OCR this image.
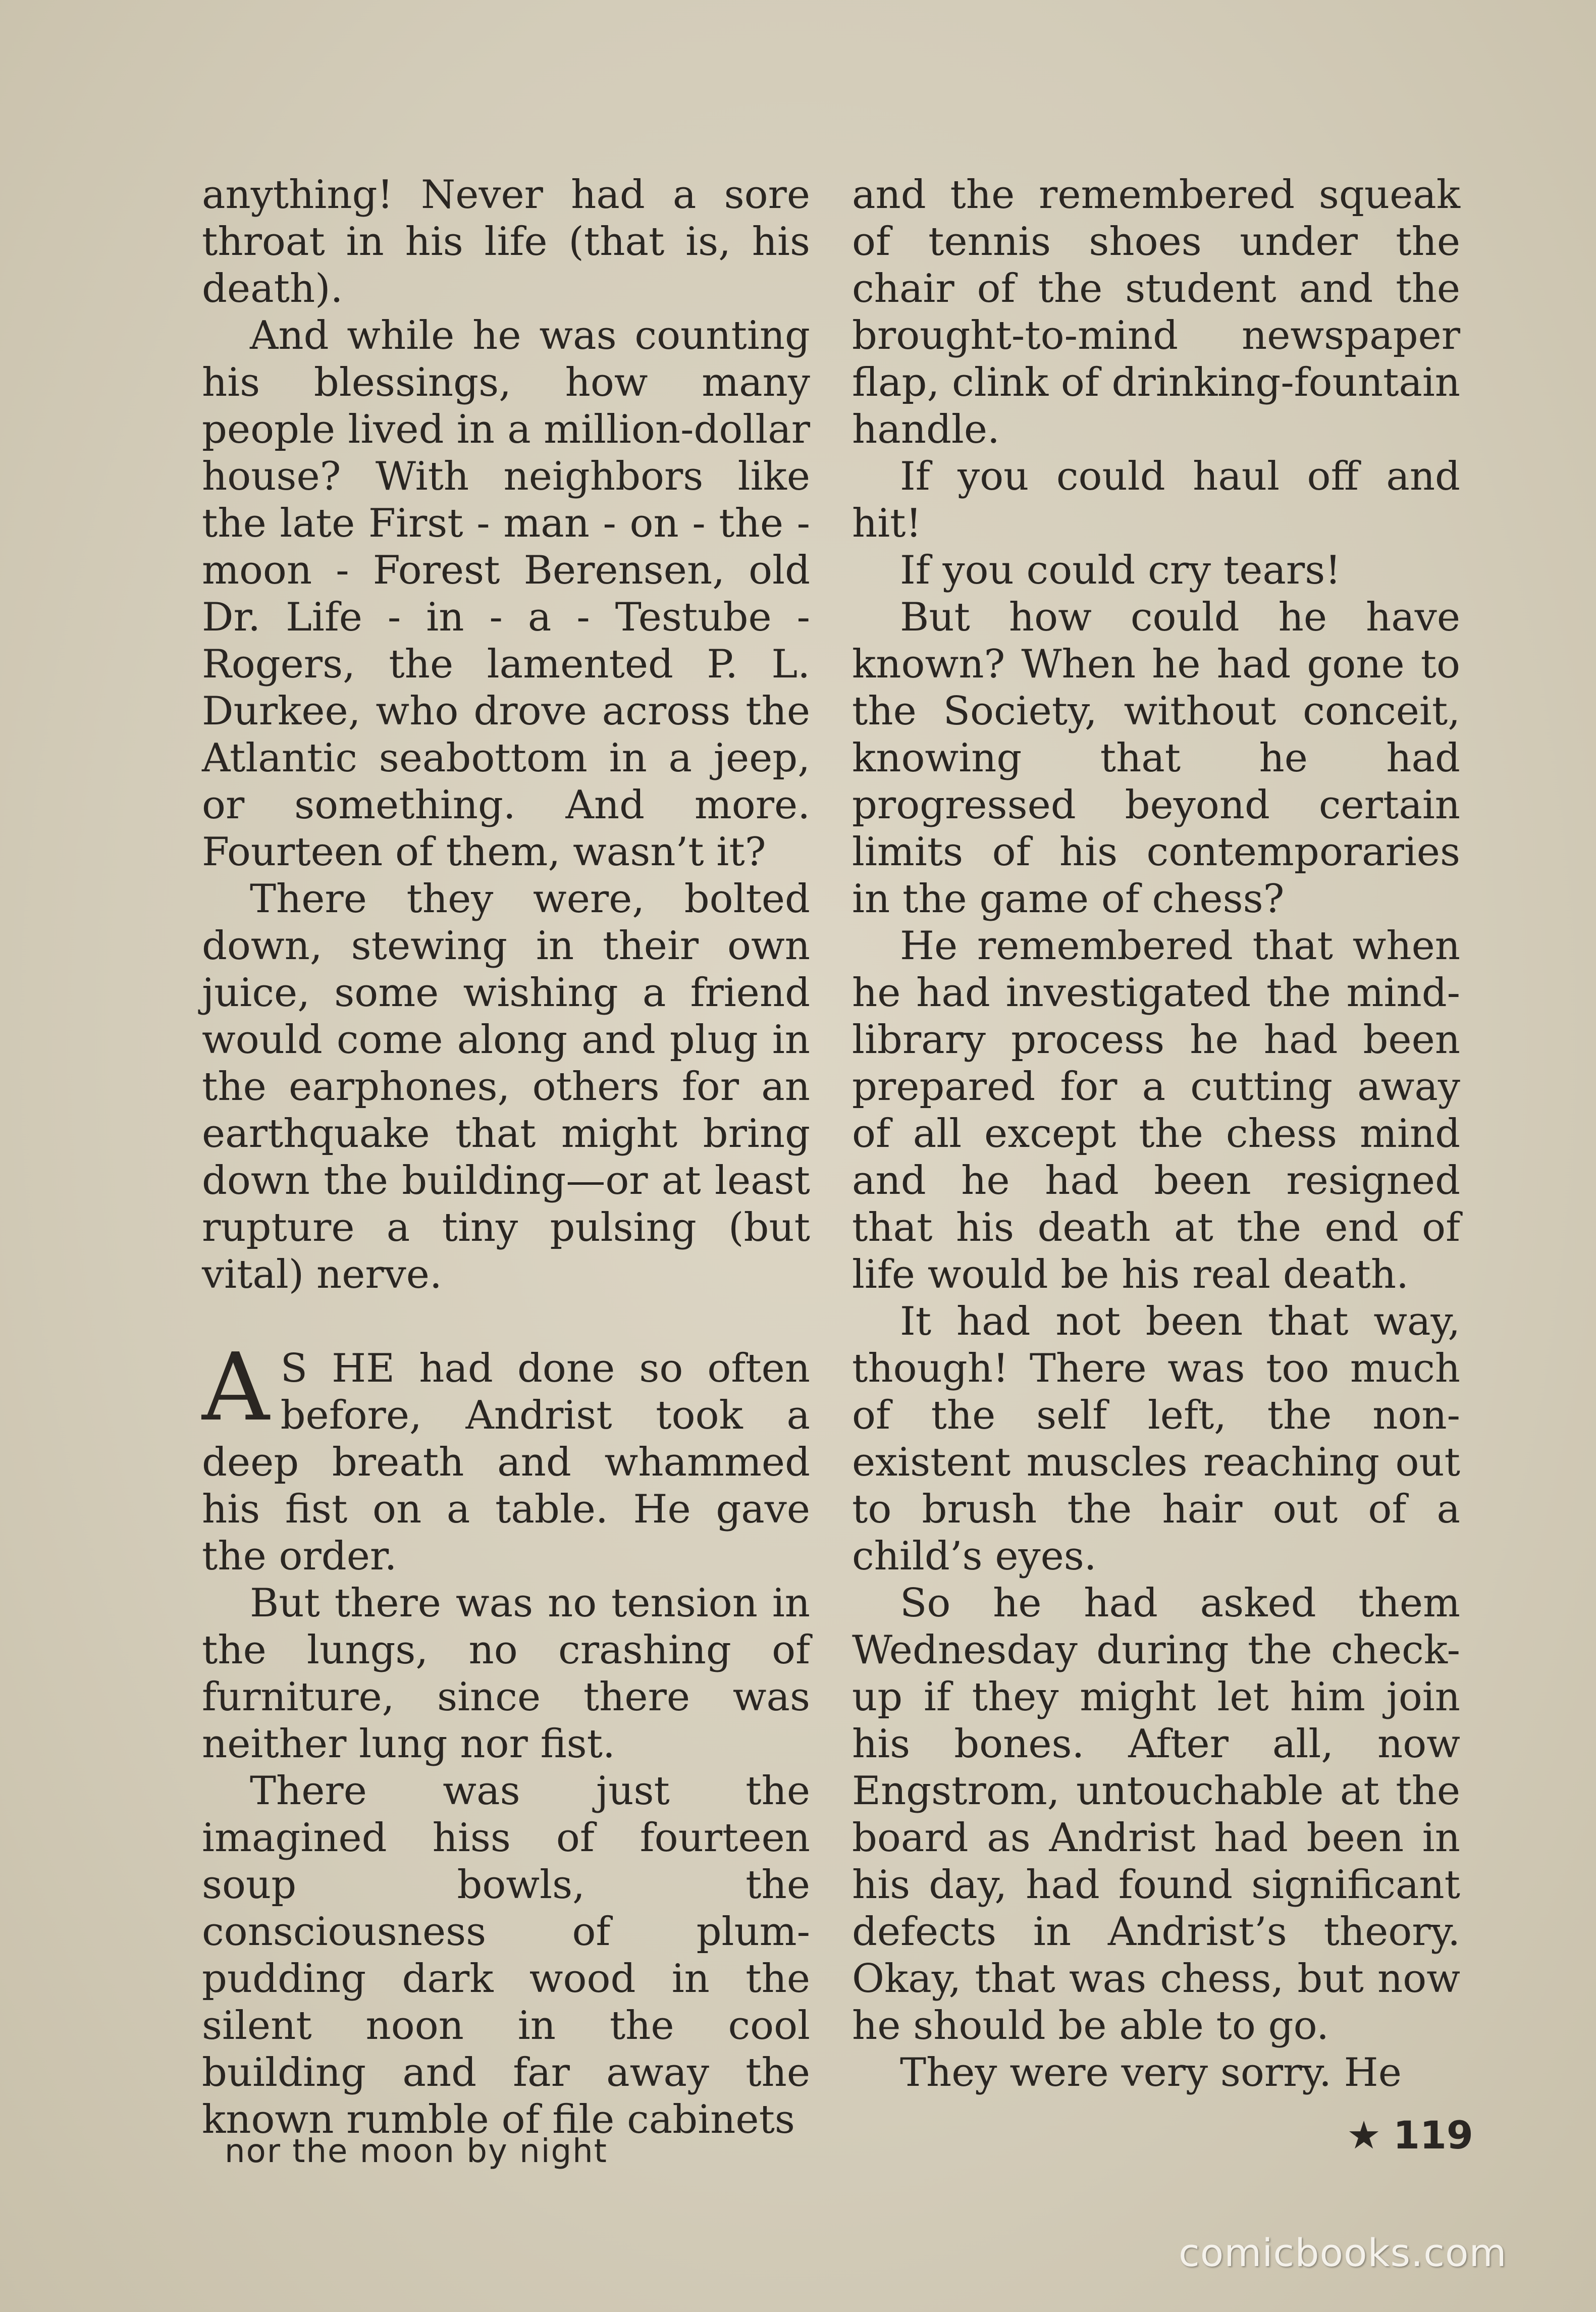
anything! Never had a sore throat in his life (that is, his death).

And while he was counting his blessings, how many people lived in a million-dollar house? With neighbors like the late First - man - on - the - moon - Forest Berensen, old Dr. Life - in - a - Testube - Rogers, the lamented P. L. Durkee, who drove across the Atlantic seabottom in a jeep, or something. And more. Fourteen of them, wasn’t it?

There they were, bolted down, stewing in their own juice, some wishing a friend would come along and plug in the earphones, others for an earthquake that might bring down the building—or at least rupture a tiny pulsing (but vital) nerve.

A S HE had done so often before, Andrist took a deep breath and whammed his fist on a table. He gave the order.

But there was no tension in the lungs, no crashing of furniture, since there was neither lung nor fist.

There was just the imagined hiss of fourteen soup bowls, the consciousness of plum-pudding dark wood in the silent noon in the cool building and far away the known rumble of file cabinets

and the remembered squeak of tennis shoes under the chair of the student and the brought-to-mind newspaper flap, clink of drinking-fountain handle.

If you could haul off and hit!

If you could cry tears!

But how could he have known? When he had gone to the Society, without conceit, knowing that he had progressed beyond certain limits of his contemporaries in the game of chess?

He remembered that when he had investigated the mind-library process he had been prepared for a cutting away of all except the chess mind and he had been resigned that his death at the end of life would be his real death.

It had not been that way, though! There was too much of the self left, the non-existent muscles reaching out to brush the hair out of a child’s eyes.

So he had asked them Wednesday during the check-up if they might let him join his bones. After all, now Engstrom, untouchable at the board as Andrist had been in his day, had found significant defects in Andrist’s theory. Okay, that was chess, but now he should be able to go.

They were very sorry. He

nor the moon by night	★ 119
comicbooks.com
